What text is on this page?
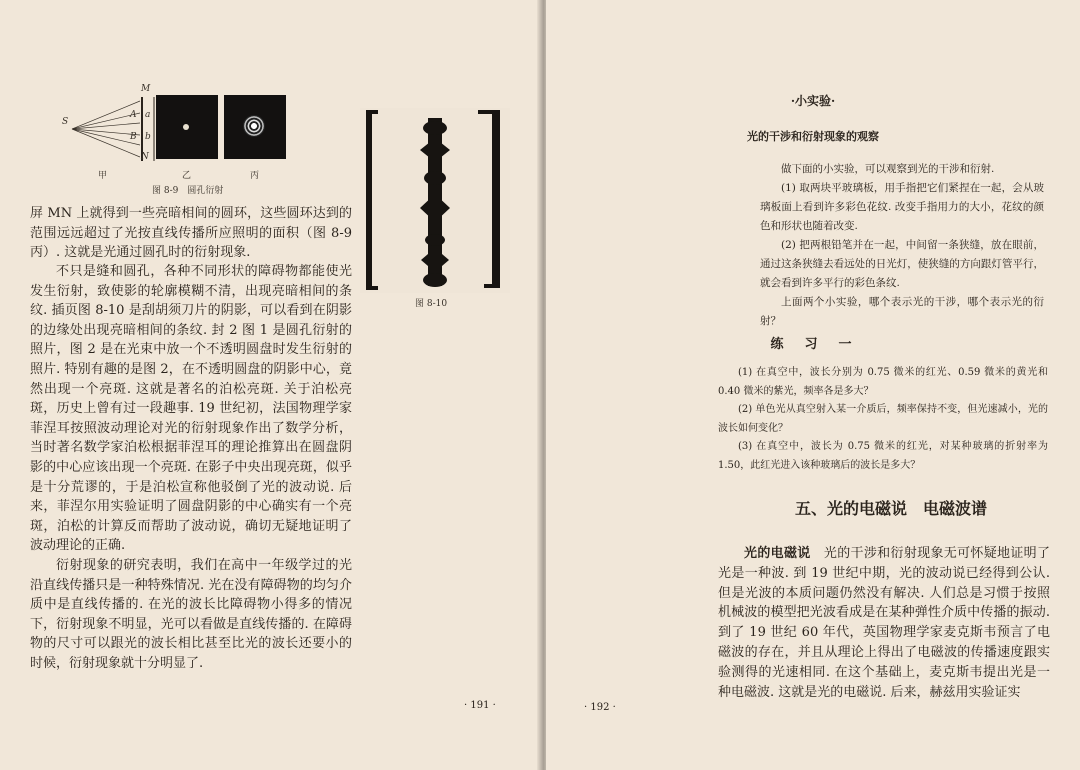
S
M
A a
B b
N
甲	乙	丙
图 8-9　圆孔衍射
图 8-10

屏 MN 上就得到一些亮暗相间的圆环，这些圆环达到的范围远远超过了光按直线传播所应照明的面积（图 8-9 丙）. 这就是光通过圆孔时的衍射现象.

不只是缝和圆孔，各种不同形状的障碍物都能使光发生衍射，致使影的轮廓模糊不清，出现亮暗相间的条纹. 插页图 8-10 是刮胡须刀片的阴影，可以看到在阴影的边缘处出现亮暗相间的条纹. 封 2 图 1 是圆孔衍射的照片，图 2 是在光束中放一个不透明圆盘时发生衍射的照片. 特别有趣的是图 2，在不透明圆盘的阴影中心，竟然出现一个亮斑. 这就是著名的泊松亮斑. 关于泊松亮斑，历史上曾有过一段趣事. 19 世纪初，法国物理学家菲涅耳按照波动理论对光的衍射现象作出了数学分析，当时著名数学家泊松根据菲涅耳的理论推算出在圆盘阴影的中心应该出现一个亮斑. 在影子中央出现亮斑，似乎是十分荒谬的，于是泊松宣称他驳倒了光的波动说. 后来，菲涅尔用实验证明了圆盘阴影的中心确实有一个亮斑，泊松的计算反而帮助了波动说，确切无疑地证明了波动理论的正确.

衍射现象的研究表明，我们在高中一年级学过的光沿直线传播只是一种特殊情况. 光在没有障碍物的均匀介质中是直线传播的. 在光的波长比障碍物小得多的情况下，衍射现象不明显，光可以看做是直线传播的. 在障碍物的尺寸可以跟光的波长相比甚至比光的波长还要小的时候，衍射现象就十分明显了.

· 191 ·
·小实验·
光的干涉和衍射现象的观察

做下面的小实验，可以观察到光的干涉和衍射.

(1) 取两块平玻璃板，用手指把它们紧捏在一起，会从玻璃板面上看到许多彩色花纹. 改变手指用力的大小，花纹的颜色和形状也随着改变.

(2) 把两根铅笔并在一起，中间留一条狭缝，放在眼前，通过这条狭缝去看远处的日光灯，使狭缝的方向跟灯管平行，就会看到许多平行的彩色条纹.

上面两个小实验，哪个表示光的干涉，哪个表示光的衍射？

练　习　一

(1) 在真空中，波长分别为 0.75 微米的红光、0.59 微米的黄光和 0.40 微米的紫光，频率各是多大？

(2) 单色光从真空射入某一介质后，频率保持不变，但光速减小，光的波长如何变化？

(3) 在真空中，波长为 0.75 微米的红光，对某种玻璃的折射率为 1.50，此红光进入该种玻璃后的波长是多大？

五、光的电磁说　电磁波谱

光的电磁说　 光的干涉和衍射现象无可怀疑地证明了光是一种波. 到 19 世纪中期，光的波动说已经得到公认. 但是光波的本质问题仍然没有解决. 人们总是习惯于按照机械波的模型把光波看成是在某种弹性介质中传播的振动. 到了 19 世纪 60 年代，英国物理学家麦克斯韦预言了电磁波的存在，并且从理论上得出了电磁波的传播速度跟实验测得的光速相同. 在这个基础上，麦克斯韦提出光是一种电磁波. 这就是光的电磁说. 后来，赫兹用实验证实

· 192 ·
